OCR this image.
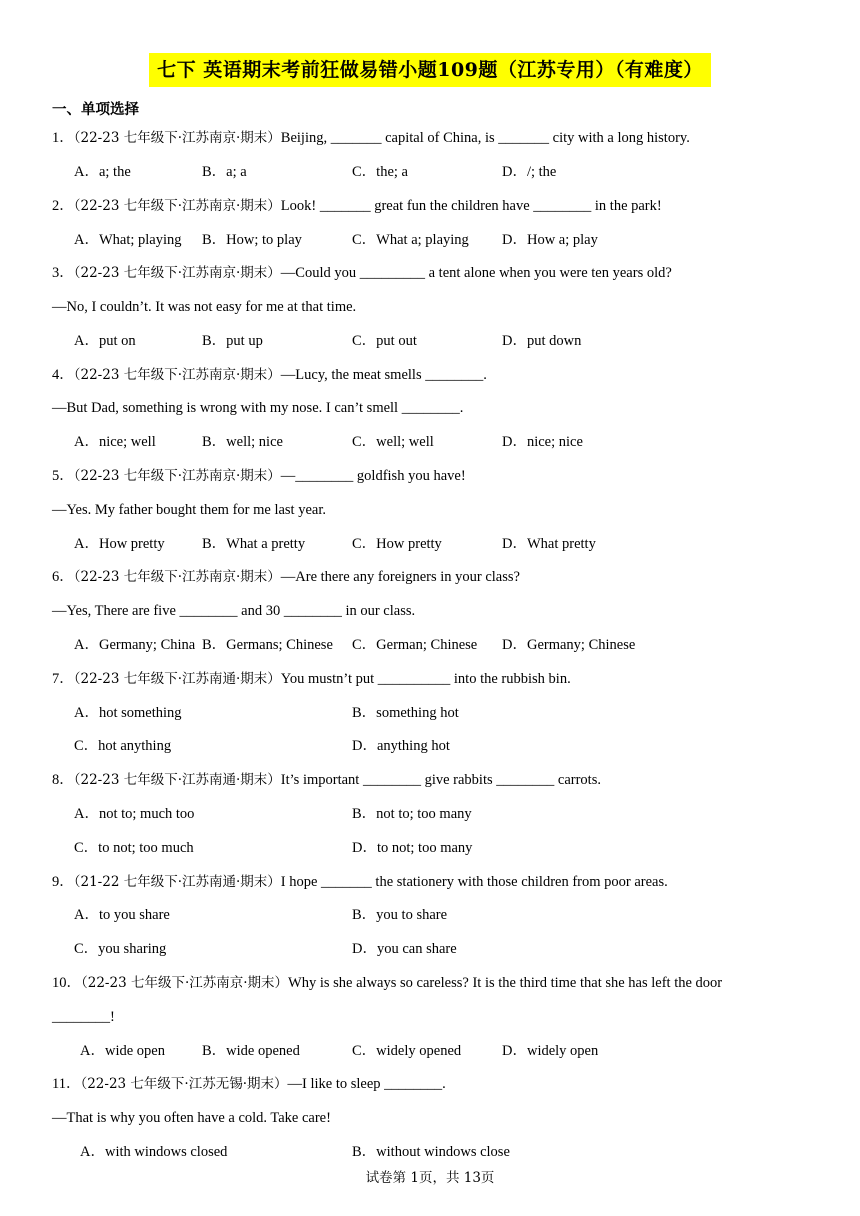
七下 英语期末考前狂做易错小题109题（江苏专用）（有难度）
一、单项选择
1．（22-23 七年级下·江苏南京·期末）Beijing, _______ capital of China, is _______ city with a long history.
A．a; the	B．a; a	C．the; a	D．/; the
2．（22-23 七年级下·江苏南京·期末）Look! _______ great fun the children have ________ in the park!
A．What; playing B．How; to play	C．What a; playing D．How a; play
3．（22-23 七年级下·江苏南京·期末）—Could you _________ a tent alone when you were ten years old?
—No, I couldn’t. It was not easy for me at that time.
A．put on	B．put up	C．put out	D．put down
4．（22-23 七年级下·江苏南京·期末）—Lucy, the meat smells ________.
—But Dad, something is wrong with my nose. I can’t smell ________.
A．nice; well	B．well; nice	C．well; well	D．nice; nice
5．（22-23 七年级下·江苏南京·期末）—________ goldfish you have!
—Yes. My father bought them for me last year.
A．How pretty	B．What a pretty	C．How pretty	D．What pretty
6．（22-23 七年级下·江苏南京·期末）—Are there any foreigners in your class?
—Yes, There are five ________ and 30 ________ in our class.
A．Germany; China B．Germans; Chinese C．German; Chinese D．Germany; Chinese
7．（22-23 七年级下·江苏南通·期末）You mustn’t put __________ into the rubbish bin.
A．hot something	B．something hot
C．hot anything	D．anything hot
8．（22-23 七年级下·江苏南通·期末）It’s important ________ give rabbits ________ carrots.
A．not to; much too	B．not to; too many
C．to not; too much	D．to not; too many
9．（21-22 七年级下·江苏南通·期末）I hope _______ the stationery with those children from poor areas.
A．to you share	B．you to share
C．you sharing	D．you can share
10．（22-23 七年级下·江苏南京·期末）Why is she always so careless? It is the third time that she has left the door
________!
A．wide open	B．wide opened	C．widely opened	D．widely open
11．（22-23 七年级下·江苏无锡·期末）—I like to sleep ________.
—That is why you often have a cold. Take care!
A．with windows closed	B．without windows close
试卷第 1页，共 13页
